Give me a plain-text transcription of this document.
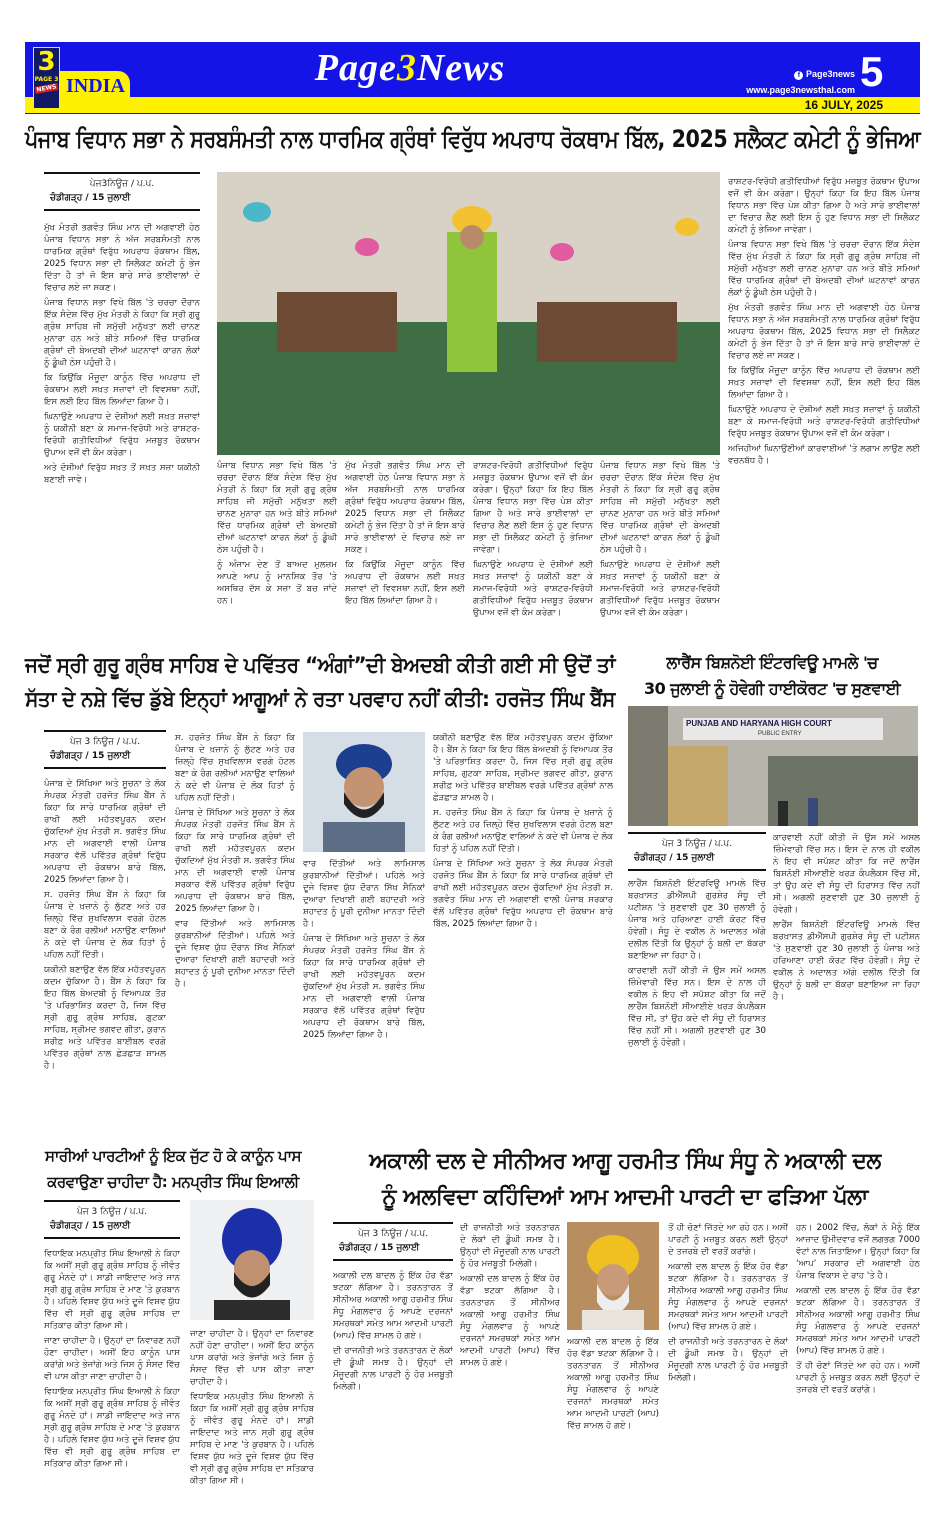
3
PAGE 3
NEWS INDIA	Page3News	f Page3news
www.page3newsthal.com 5
16 JULY, 2025
ਪੰਜਾਬ ਵਿਧਾਨ ਸਭਾ ਨੇ ਸਰਬਸੰਮਤੀ ਨਾਲ ਧਾਰਮਿਕ ਗ੍ਰੰਥਾਂ ਵਿਰੁੱਧ ਅਪਰਾਧ ਰੋਕਥਾਮ ਬਿੱਲ, 2025 ਸਲੈਕਟ ਕਮੇਟੀ ਨੂੰ ਭੇਜਿਆ
ਪੇਜ3ਨਿਊਜ਼ / ਪ.ਪ.
ਚੰਡੀਗੜ੍ਹ / 15 ਜੁਲਾਈ

ਮੁੱਖ ਮੰਤਰੀ ਭਗਵੰਤ ਸਿੰਘ ਮਾਨ ਦੀ ਅਗਵਾਈ ਹੇਠ ਪੰਜਾਬ ਵਿਧਾਨ ਸਭਾ ਨੇ ਅੱਜ ਸਰਬਸੰਮਤੀ ਨਾਲ ਧਾਰਮਿਕ ਗ੍ਰੰਥਾਂ ਵਿਰੁੱਧ ਅਪਰਾਧ ਰੋਕਥਾਮ ਬਿੱਲ, 2025 ਵਿਧਾਨ ਸਭਾ ਦੀ ਸਿਲੈਕਟ ਕਮੇਟੀ ਨੂੰ ਭੇਜ ਦਿੱਤਾ ਹੈ ਤਾਂ ਜੋ ਇਸ ਬਾਰੇ ਸਾਰੇ ਭਾਈਵਾਲਾਂ ਦੇ ਵਿਚਾਰ ਲਏ ਜਾ ਸਕਣ।

ਪੰਜਾਬ ਵਿਧਾਨ ਸਭਾ ਵਿਖੇ ਬਿੱਲ 'ਤੇ ਚਰਚਾ ਦੌਰਾਨ ਇੱਕ ਸੰਦੇਸ਼ ਵਿੱਚ ਮੁੱਖ ਮੰਤਰੀ ਨੇ ਕਿਹਾ ਕਿ ਸ੍ਰੀ ਗੁਰੂ ਗ੍ਰੰਥ ਸਾਹਿਬ ਜੀ ਸਮੁੱਚੀ ਮਨੁੱਖਤਾ ਲਈ ਚਾਨਣ ਮੁਨਾਰਾ ਹਨ ਅਤੇ ਬੀਤੇ ਸਮਿਆਂ ਵਿੱਚ ਧਾਰਮਿਕ ਗ੍ਰੰਥਾਂ ਦੀ ਬੇਅਦਬੀ ਦੀਆਂ ਘਟਨਾਵਾਂ ਕਾਰਨ ਲੋਕਾਂ ਨੂੰ ਡੂੰਘੀ ਠੇਸ ਪਹੁੰਚੀ ਹੈ।

ਕਿ ਕਿਉਂਕਿ ਮੌਜੂਦਾ ਕਾਨੂੰਨ ਵਿੱਚ ਅਪਰਾਧ ਦੀ ਰੋਕਥਾਮ ਲਈ ਸਖ਼ਤ ਸਜ਼ਾਵਾਂ ਦੀ ਵਿਵਸਥਾ ਨਹੀਂ, ਇਸ ਲਈ ਇਹ ਬਿੱਲ ਲਿਆਂਦਾ ਗਿਆ ਹੈ।

ਘਿਨਾਉਣੇ ਅਪਰਾਧ ਦੇ ਦੋਸ਼ੀਆਂ ਲਈ ਸਖ਼ਤ ਸਜ਼ਾਵਾਂ ਨੂੰ ਯਕੀਨੀ ਬਣਾ ਕੇ ਸਮਾਜ-ਵਿਰੋਧੀ ਅਤੇ ਰਾਸ਼ਟਰ-ਵਿਰੋਧੀ ਗਤੀਵਿਧੀਆਂ ਵਿਰੁੱਧ ਮਜ਼ਬੂਤ ਰੋਕਥਾਮ ਉਪਾਅ ਵਜੋਂ ਵੀ ਕੰਮ ਕਰੇਗਾ।

ਅਤੇ ਦੋਸ਼ੀਆਂ ਵਿਰੁੱਧ ਸਖ਼ਤ ਤੋਂ ਸਖ਼ਤ ਸਜ਼ਾ ਯਕੀਨੀ ਬਣਾਈ ਜਾਵੇ।

ਪੰਜਾਬ ਵਿਧਾਨ ਸਭਾ ਵਿਖੇ ਬਿੱਲ 'ਤੇ ਚਰਚਾ ਦੌਰਾਨ ਇੱਕ ਸੰਦੇਸ਼ ਵਿੱਚ ਮੁੱਖ ਮੰਤਰੀ ਨੇ ਕਿਹਾ ਕਿ ਸ੍ਰੀ ਗੁਰੂ ਗ੍ਰੰਥ ਸਾਹਿਬ ਜੀ ਸਮੁੱਚੀ ਮਨੁੱਖਤਾ ਲਈ ਚਾਨਣ ਮੁਨਾਰਾ ਹਨ ਅਤੇ ਬੀਤੇ ਸਮਿਆਂ ਵਿੱਚ ਧਾਰਮਿਕ ਗ੍ਰੰਥਾਂ ਦੀ ਬੇਅਦਬੀ ਦੀਆਂ ਘਟਨਾਵਾਂ ਕਾਰਨ ਲੋਕਾਂ ਨੂੰ ਡੂੰਘੀ ਠੇਸ ਪਹੁੰਚੀ ਹੈ।

ਨੂੰ ਅੰਜਾਮ ਦੇਣ ਤੋਂ ਬਾਅਦ ਮੁਲਜ਼ਮ ਆਪਣੇ ਆਪ ਨੂੰ ਮਾਨਸਿਕ ਤੌਰ 'ਤੇ ਅਸਥਿਰ ਦੱਸ ਕੇ ਸਜ਼ਾ ਤੋਂ ਬਚ ਜਾਂਦੇ ਹਨ।

ਮੁੱਖ ਮੰਤਰੀ ਭਗਵੰਤ ਸਿੰਘ ਮਾਨ ਦੀ ਅਗਵਾਈ ਹੇਠ ਪੰਜਾਬ ਵਿਧਾਨ ਸਭਾ ਨੇ ਅੱਜ ਸਰਬਸੰਮਤੀ ਨਾਲ ਧਾਰਮਿਕ ਗ੍ਰੰਥਾਂ ਵਿਰੁੱਧ ਅਪਰਾਧ ਰੋਕਥਾਮ ਬਿੱਲ, 2025 ਵਿਧਾਨ ਸਭਾ ਦੀ ਸਿਲੈਕਟ ਕਮੇਟੀ ਨੂੰ ਭੇਜ ਦਿੱਤਾ ਹੈ ਤਾਂ ਜੋ ਇਸ ਬਾਰੇ ਸਾਰੇ ਭਾਈਵਾਲਾਂ ਦੇ ਵਿਚਾਰ ਲਏ ਜਾ ਸਕਣ।

ਕਿ ਕਿਉਂਕਿ ਮੌਜੂਦਾ ਕਾਨੂੰਨ ਵਿੱਚ ਅਪਰਾਧ ਦੀ ਰੋਕਥਾਮ ਲਈ ਸਖ਼ਤ ਸਜ਼ਾਵਾਂ ਦੀ ਵਿਵਸਥਾ ਨਹੀਂ, ਇਸ ਲਈ ਇਹ ਬਿੱਲ ਲਿਆਂਦਾ ਗਿਆ ਹੈ।

ਰਾਸ਼ਟਰ-ਵਿਰੋਧੀ ਗਤੀਵਿਧੀਆਂ ਵਿਰੁੱਧ ਮਜ਼ਬੂਤ ਰੋਕਥਾਮ ਉਪਾਅ ਵਜੋਂ ਵੀ ਕੰਮ ਕਰੇਗਾ। ਉਨ੍ਹਾਂ ਕਿਹਾ ਕਿ ਇਹ ਬਿੱਲ ਪੰਜਾਬ ਵਿਧਾਨ ਸਭਾ ਵਿੱਚ ਪੇਸ਼ ਕੀਤਾ ਗਿਆ ਹੈ ਅਤੇ ਸਾਰੇ ਭਾਈਵਾਲਾਂ ਦਾ ਵਿਚਾਰ ਲੈਣ ਲਈ ਇਸ ਨੂੰ ਹੁਣ ਵਿਧਾਨ ਸਭਾ ਦੀ ਸਿਲੈਕਟ ਕਮੇਟੀ ਨੂੰ ਭੇਜਿਆ ਜਾਵੇਗਾ।

ਘਿਨਾਉਣੇ ਅਪਰਾਧ ਦੇ ਦੋਸ਼ੀਆਂ ਲਈ ਸਖ਼ਤ ਸਜ਼ਾਵਾਂ ਨੂੰ ਯਕੀਨੀ ਬਣਾ ਕੇ ਸਮਾਜ-ਵਿਰੋਧੀ ਅਤੇ ਰਾਸ਼ਟਰ-ਵਿਰੋਧੀ ਗਤੀਵਿਧੀਆਂ ਵਿਰੁੱਧ ਮਜ਼ਬੂਤ ਰੋਕਥਾਮ ਉਪਾਅ ਵਜੋਂ ਵੀ ਕੰਮ ਕਰੇਗਾ।

ਪੰਜਾਬ ਵਿਧਾਨ ਸਭਾ ਵਿਖੇ ਬਿੱਲ 'ਤੇ ਚਰਚਾ ਦੌਰਾਨ ਇੱਕ ਸੰਦੇਸ਼ ਵਿੱਚ ਮੁੱਖ ਮੰਤਰੀ ਨੇ ਕਿਹਾ ਕਿ ਸ੍ਰੀ ਗੁਰੂ ਗ੍ਰੰਥ ਸਾਹਿਬ ਜੀ ਸਮੁੱਚੀ ਮਨੁੱਖਤਾ ਲਈ ਚਾਨਣ ਮੁਨਾਰਾ ਹਨ ਅਤੇ ਬੀਤੇ ਸਮਿਆਂ ਵਿੱਚ ਧਾਰਮਿਕ ਗ੍ਰੰਥਾਂ ਦੀ ਬੇਅਦਬੀ ਦੀਆਂ ਘਟਨਾਵਾਂ ਕਾਰਨ ਲੋਕਾਂ ਨੂੰ ਡੂੰਘੀ ਠੇਸ ਪਹੁੰਚੀ ਹੈ।

ਘਿਨਾਉਣੇ ਅਪਰਾਧ ਦੇ ਦੋਸ਼ੀਆਂ ਲਈ ਸਖ਼ਤ ਸਜ਼ਾਵਾਂ ਨੂੰ ਯਕੀਨੀ ਬਣਾ ਕੇ ਸਮਾਜ-ਵਿਰੋਧੀ ਅਤੇ ਰਾਸ਼ਟਰ-ਵਿਰੋਧੀ ਗਤੀਵਿਧੀਆਂ ਵਿਰੁੱਧ ਮਜ਼ਬੂਤ ਰੋਕਥਾਮ ਉਪਾਅ ਵਜੋਂ ਵੀ ਕੰਮ ਕਰੇਗਾ।

ਰਾਸ਼ਟਰ-ਵਿਰੋਧੀ ਗਤੀਵਿਧੀਆਂ ਵਿਰੁੱਧ ਮਜ਼ਬੂਤ ਰੋਕਥਾਮ ਉਪਾਅ ਵਜੋਂ ਵੀ ਕੰਮ ਕਰੇਗਾ। ਉਨ੍ਹਾਂ ਕਿਹਾ ਕਿ ਇਹ ਬਿੱਲ ਪੰਜਾਬ ਵਿਧਾਨ ਸਭਾ ਵਿੱਚ ਪੇਸ਼ ਕੀਤਾ ਗਿਆ ਹੈ ਅਤੇ ਸਾਰੇ ਭਾਈਵਾਲਾਂ ਦਾ ਵਿਚਾਰ ਲੈਣ ਲਈ ਇਸ ਨੂੰ ਹੁਣ ਵਿਧਾਨ ਸਭਾ ਦੀ ਸਿਲੈਕਟ ਕਮੇਟੀ ਨੂੰ ਭੇਜਿਆ ਜਾਵੇਗਾ।

ਪੰਜਾਬ ਵਿਧਾਨ ਸਭਾ ਵਿਖੇ ਬਿੱਲ 'ਤੇ ਚਰਚਾ ਦੌਰਾਨ ਇੱਕ ਸੰਦੇਸ਼ ਵਿੱਚ ਮੁੱਖ ਮੰਤਰੀ ਨੇ ਕਿਹਾ ਕਿ ਸ੍ਰੀ ਗੁਰੂ ਗ੍ਰੰਥ ਸਾਹਿਬ ਜੀ ਸਮੁੱਚੀ ਮਨੁੱਖਤਾ ਲਈ ਚਾਨਣ ਮੁਨਾਰਾ ਹਨ ਅਤੇ ਬੀਤੇ ਸਮਿਆਂ ਵਿੱਚ ਧਾਰਮਿਕ ਗ੍ਰੰਥਾਂ ਦੀ ਬੇਅਦਬੀ ਦੀਆਂ ਘਟਨਾਵਾਂ ਕਾਰਨ ਲੋਕਾਂ ਨੂੰ ਡੂੰਘੀ ਠੇਸ ਪਹੁੰਚੀ ਹੈ।

ਮੁੱਖ ਮੰਤਰੀ ਭਗਵੰਤ ਸਿੰਘ ਮਾਨ ਦੀ ਅਗਵਾਈ ਹੇਠ ਪੰਜਾਬ ਵਿਧਾਨ ਸਭਾ ਨੇ ਅੱਜ ਸਰਬਸੰਮਤੀ ਨਾਲ ਧਾਰਮਿਕ ਗ੍ਰੰਥਾਂ ਵਿਰੁੱਧ ਅਪਰਾਧ ਰੋਕਥਾਮ ਬਿੱਲ, 2025 ਵਿਧਾਨ ਸਭਾ ਦੀ ਸਿਲੈਕਟ ਕਮੇਟੀ ਨੂੰ ਭੇਜ ਦਿੱਤਾ ਹੈ ਤਾਂ ਜੋ ਇਸ ਬਾਰੇ ਸਾਰੇ ਭਾਈਵਾਲਾਂ ਦੇ ਵਿਚਾਰ ਲਏ ਜਾ ਸਕਣ।

ਕਿ ਕਿਉਂਕਿ ਮੌਜੂਦਾ ਕਾਨੂੰਨ ਵਿੱਚ ਅਪਰਾਧ ਦੀ ਰੋਕਥਾਮ ਲਈ ਸਖ਼ਤ ਸਜ਼ਾਵਾਂ ਦੀ ਵਿਵਸਥਾ ਨਹੀਂ, ਇਸ ਲਈ ਇਹ ਬਿੱਲ ਲਿਆਂਦਾ ਗਿਆ ਹੈ।

ਘਿਨਾਉਣੇ ਅਪਰਾਧ ਦੇ ਦੋਸ਼ੀਆਂ ਲਈ ਸਖ਼ਤ ਸਜ਼ਾਵਾਂ ਨੂੰ ਯਕੀਨੀ ਬਣਾ ਕੇ ਸਮਾਜ-ਵਿਰੋਧੀ ਅਤੇ ਰਾਸ਼ਟਰ-ਵਿਰੋਧੀ ਗਤੀਵਿਧੀਆਂ ਵਿਰੁੱਧ ਮਜ਼ਬੂਤ ਰੋਕਥਾਮ ਉਪਾਅ ਵਜੋਂ ਵੀ ਕੰਮ ਕਰੇਗਾ।

ਅਜਿਹੀਆਂ ਘਿਨਾਉਣੀਆਂ ਕਾਰਵਾਈਆਂ 'ਤੇ ਲਗਾਮ ਲਾਉਣ ਲਈ ਵਚਨਬੱਧ ਹੈ।

ਜਦੋਂ ਸ੍ਰੀ ਗੁਰੂ ਗ੍ਰੰਥ ਸਾਹਿਬ ਦੇ ਪਵਿੱਤਰ “ਅੰਗਾਂ”ਦੀ ਬੇਅਦਬੀ ਕੀਤੀ ਗਈ ਸੀ ਉਦੋਂ ਤਾਂ
ਸੱਤਾ ਦੇ ਨਸ਼ੇ ਵਿੱਚ ਡੁੱਬੇ ਇਨ੍ਹਾਂ ਆਗੂਆਂ ਨੇ ਰਤਾ ਪਰਵਾਹ ਨਹੀਂ ਕੀਤੀ: ਹਰਜੋਤ ਸਿੰਘ ਬੈਂਸ
ਪੇਜ 3 ਨਿਊਜ਼ / ਪ.ਪ.
ਚੰਡੀਗੜ੍ਹ / 15 ਜੁਲਾਈ

ਪੰਜਾਬ ਦੇ ਸਿੱਖਿਆ ਅਤੇ ਸੂਚਨਾ ਤੇ ਲੋਕ ਸੰਪਰਕ ਮੰਤਰੀ ਹਰਜੋਤ ਸਿੰਘ ਬੈਂਸ ਨੇ ਕਿਹਾ ਕਿ ਸਾਰੇ ਧਾਰਮਿਕ ਗ੍ਰੰਥਾਂ ਦੀ ਰਾਖੀ ਲਈ ਮਹੱਤਵਪੂਰਨ ਕਦਮ ਚੁੱਕਦਿਆਂ ਮੁੱਖ ਮੰਤਰੀ ਸ. ਭਗਵੰਤ ਸਿੰਘ ਮਾਨ ਦੀ ਅਗਵਾਈ ਵਾਲੀ ਪੰਜਾਬ ਸਰਕਾਰ ਵੱਲੋਂ ਪਵਿੱਤਰ ਗ੍ਰੰਥਾਂ ਵਿਰੁੱਧ ਅਪਰਾਧ ਦੀ ਰੋਕਥਾਮ ਬਾਰੇ ਬਿੱਲ, 2025 ਲਿਆਂਦਾ ਗਿਆ ਹੈ।

ਸ. ਹਰਜੋਤ ਸਿੰਘ ਬੈਂਸ ਨੇ ਕਿਹਾ ਕਿ ਪੰਜਾਬ ਦੇ ਖ਼ਜ਼ਾਨੇ ਨੂੰ ਲੁੱਟਣ ਅਤੇ ਹਰ ਜ਼ਿਲ੍ਹੇ ਵਿੱਚ ਸੁਖਵਿਲਾਸ ਵਰਗੇ ਹੋਟਲ ਬਣਾ ਕੇ ਰੰਗ ਰਲੀਆਂ ਮਨਾਉਣ ਵਾਲਿਆਂ ਨੇ ਕਦੇ ਵੀ ਪੰਜਾਬ ਦੇ ਲੋਕ ਹਿਤਾਂ ਨੂੰ ਪਹਿਲ ਨਹੀਂ ਦਿੱਤੀ।

ਯਕੀਨੀ ਬਣਾਉਣ ਵੱਲ ਇੱਕ ਮਹੱਤਵਪੂਰਨ ਕਦਮ ਚੁੱਕਿਆ ਹੈ। ਬੈਂਸ ਨੇ ਕਿਹਾ ਕਿ ਇਹ ਬਿੱਲ ਬੇਅਦਬੀ ਨੂੰ ਵਿਆਪਕ ਤੌਰ 'ਤੇ ਪਰਿਭਾਸ਼ਿਤ ਕਰਦਾ ਹੈ, ਜਿਸ ਵਿੱਚ ਸ੍ਰੀ ਗੁਰੂ ਗ੍ਰੰਥ ਸਾਹਿਬ, ਗੁਟਕਾ ਸਾਹਿਬ, ਸ੍ਰੀਮਦ ਭਗਵਦ ਗੀਤਾ, ਕੁਰਾਨ ਸ਼ਰੀਫ਼ ਅਤੇ ਪਵਿੱਤਰ ਬਾਈਬਲ ਵਰਗੇ ਪਵਿੱਤਰ ਗ੍ਰੰਥਾਂ ਨਾਲ ਛੇੜਛਾੜ ਸ਼ਾਮਲ ਹੈ।

ਸ. ਹਰਜੋਤ ਸਿੰਘ ਬੈਂਸ ਨੇ ਕਿਹਾ ਕਿ ਪੰਜਾਬ ਦੇ ਖ਼ਜ਼ਾਨੇ ਨੂੰ ਲੁੱਟਣ ਅਤੇ ਹਰ ਜ਼ਿਲ੍ਹੇ ਵਿੱਚ ਸੁਖਵਿਲਾਸ ਵਰਗੇ ਹੋਟਲ ਬਣਾ ਕੇ ਰੰਗ ਰਲੀਆਂ ਮਨਾਉਣ ਵਾਲਿਆਂ ਨੇ ਕਦੇ ਵੀ ਪੰਜਾਬ ਦੇ ਲੋਕ ਹਿਤਾਂ ਨੂੰ ਪਹਿਲ ਨਹੀਂ ਦਿੱਤੀ।

ਪੰਜਾਬ ਦੇ ਸਿੱਖਿਆ ਅਤੇ ਸੂਚਨਾ ਤੇ ਲੋਕ ਸੰਪਰਕ ਮੰਤਰੀ ਹਰਜੋਤ ਸਿੰਘ ਬੈਂਸ ਨੇ ਕਿਹਾ ਕਿ ਸਾਰੇ ਧਾਰਮਿਕ ਗ੍ਰੰਥਾਂ ਦੀ ਰਾਖੀ ਲਈ ਮਹੱਤਵਪੂਰਨ ਕਦਮ ਚੁੱਕਦਿਆਂ ਮੁੱਖ ਮੰਤਰੀ ਸ. ਭਗਵੰਤ ਸਿੰਘ ਮਾਨ ਦੀ ਅਗਵਾਈ ਵਾਲੀ ਪੰਜਾਬ ਸਰਕਾਰ ਵੱਲੋਂ ਪਵਿੱਤਰ ਗ੍ਰੰਥਾਂ ਵਿਰੁੱਧ ਅਪਰਾਧ ਦੀ ਰੋਕਥਾਮ ਬਾਰੇ ਬਿੱਲ, 2025 ਲਿਆਂਦਾ ਗਿਆ ਹੈ।

ਵਾਰ ਦਿੱਤੀਆਂ ਅਤੇ ਲਾਮਿਸਾਲ ਕੁਰਬਾਨੀਆਂ ਦਿੱਤੀਆਂ। ਪਹਿਲੇ ਅਤੇ ਦੂਜੇ ਵਿਸ਼ਵ ਯੁੱਧ ਦੌਰਾਨ ਸਿੱਖ ਸੈਨਿਕਾਂ ਦੁਆਰਾ ਦਿਖਾਈ ਗਈ ਬਹਾਦਰੀ ਅਤੇ ਸ਼ਹਾਦਤ ਨੂੰ ਪੂਰੀ ਦੁਨੀਆ ਮਾਨਤਾ ਦਿੰਦੀ ਹੈ।

ਵਾਰ ਦਿੱਤੀਆਂ ਅਤੇ ਲਾਮਿਸਾਲ ਕੁਰਬਾਨੀਆਂ ਦਿੱਤੀਆਂ। ਪਹਿਲੇ ਅਤੇ ਦੂਜੇ ਵਿਸ਼ਵ ਯੁੱਧ ਦੌਰਾਨ ਸਿੱਖ ਸੈਨਿਕਾਂ ਦੁਆਰਾ ਦਿਖਾਈ ਗਈ ਬਹਾਦਰੀ ਅਤੇ ਸ਼ਹਾਦਤ ਨੂੰ ਪੂਰੀ ਦੁਨੀਆ ਮਾਨਤਾ ਦਿੰਦੀ ਹੈ।

ਪੰਜਾਬ ਦੇ ਸਿੱਖਿਆ ਅਤੇ ਸੂਚਨਾ ਤੇ ਲੋਕ ਸੰਪਰਕ ਮੰਤਰੀ ਹਰਜੋਤ ਸਿੰਘ ਬੈਂਸ ਨੇ ਕਿਹਾ ਕਿ ਸਾਰੇ ਧਾਰਮਿਕ ਗ੍ਰੰਥਾਂ ਦੀ ਰਾਖੀ ਲਈ ਮਹੱਤਵਪੂਰਨ ਕਦਮ ਚੁੱਕਦਿਆਂ ਮੁੱਖ ਮੰਤਰੀ ਸ. ਭਗਵੰਤ ਸਿੰਘ ਮਾਨ ਦੀ ਅਗਵਾਈ ਵਾਲੀ ਪੰਜਾਬ ਸਰਕਾਰ ਵੱਲੋਂ ਪਵਿੱਤਰ ਗ੍ਰੰਥਾਂ ਵਿਰੁੱਧ ਅਪਰਾਧ ਦੀ ਰੋਕਥਾਮ ਬਾਰੇ ਬਿੱਲ, 2025 ਲਿਆਂਦਾ ਗਿਆ ਹੈ।

ਯਕੀਨੀ ਬਣਾਉਣ ਵੱਲ ਇੱਕ ਮਹੱਤਵਪੂਰਨ ਕਦਮ ਚੁੱਕਿਆ ਹੈ। ਬੈਂਸ ਨੇ ਕਿਹਾ ਕਿ ਇਹ ਬਿੱਲ ਬੇਅਦਬੀ ਨੂੰ ਵਿਆਪਕ ਤੌਰ 'ਤੇ ਪਰਿਭਾਸ਼ਿਤ ਕਰਦਾ ਹੈ, ਜਿਸ ਵਿੱਚ ਸ੍ਰੀ ਗੁਰੂ ਗ੍ਰੰਥ ਸਾਹਿਬ, ਗੁਟਕਾ ਸਾਹਿਬ, ਸ੍ਰੀਮਦ ਭਗਵਦ ਗੀਤਾ, ਕੁਰਾਨ ਸ਼ਰੀਫ਼ ਅਤੇ ਪਵਿੱਤਰ ਬਾਈਬਲ ਵਰਗੇ ਪਵਿੱਤਰ ਗ੍ਰੰਥਾਂ ਨਾਲ ਛੇੜਛਾੜ ਸ਼ਾਮਲ ਹੈ।

ਸ. ਹਰਜੋਤ ਸਿੰਘ ਬੈਂਸ ਨੇ ਕਿਹਾ ਕਿ ਪੰਜਾਬ ਦੇ ਖ਼ਜ਼ਾਨੇ ਨੂੰ ਲੁੱਟਣ ਅਤੇ ਹਰ ਜ਼ਿਲ੍ਹੇ ਵਿੱਚ ਸੁਖਵਿਲਾਸ ਵਰਗੇ ਹੋਟਲ ਬਣਾ ਕੇ ਰੰਗ ਰਲੀਆਂ ਮਨਾਉਣ ਵਾਲਿਆਂ ਨੇ ਕਦੇ ਵੀ ਪੰਜਾਬ ਦੇ ਲੋਕ ਹਿਤਾਂ ਨੂੰ ਪਹਿਲ ਨਹੀਂ ਦਿੱਤੀ।

ਪੰਜਾਬ ਦੇ ਸਿੱਖਿਆ ਅਤੇ ਸੂਚਨਾ ਤੇ ਲੋਕ ਸੰਪਰਕ ਮੰਤਰੀ ਹਰਜੋਤ ਸਿੰਘ ਬੈਂਸ ਨੇ ਕਿਹਾ ਕਿ ਸਾਰੇ ਧਾਰਮਿਕ ਗ੍ਰੰਥਾਂ ਦੀ ਰਾਖੀ ਲਈ ਮਹੱਤਵਪੂਰਨ ਕਦਮ ਚੁੱਕਦਿਆਂ ਮੁੱਖ ਮੰਤਰੀ ਸ. ਭਗਵੰਤ ਸਿੰਘ ਮਾਨ ਦੀ ਅਗਵਾਈ ਵਾਲੀ ਪੰਜਾਬ ਸਰਕਾਰ ਵੱਲੋਂ ਪਵਿੱਤਰ ਗ੍ਰੰਥਾਂ ਵਿਰੁੱਧ ਅਪਰਾਧ ਦੀ ਰੋਕਥਾਮ ਬਾਰੇ ਬਿੱਲ, 2025 ਲਿਆਂਦਾ ਗਿਆ ਹੈ।

ਲਾਰੈਂਸ ਬਿਸ਼ਨੋਈ ਇੰਟਰਵਿਊ ਮਾਮਲੇ 'ਚ
30 ਜੁਲਾਈ ਨੂੰ ਹੋਵੇਗੀ ਹਾਈਕੋਰਟ 'ਚ ਸੁਣਵਾਈ
PUNJAB AND HARYANA HIGH COURT
PUBLIC ENTRY
ਪੇਜ 3 ਨਿਊਜ਼ / ਪ.ਪ.
ਚੰਡੀਗੜ੍ਹ / 15 ਜੁਲਾਈ

ਲਾਰੈਂਸ ਬਿਸ਼ਨੋਈ ਇੰਟਰਵਿਊ ਮਾਮਲੇ ਵਿੱਚ ਬਰਖ਼ਾਸਤ ਡੀਐੱਸਪੀ ਗੁਰਸ਼ੇਰ ਸੰਧੂ ਦੀ ਪਟੀਸ਼ਨ 'ਤੇ ਸੁਣਵਾਈ ਹੁਣ 30 ਜੁਲਾਈ ਨੂੰ ਪੰਜਾਬ ਅਤੇ ਹਰਿਆਣਾ ਹਾਈ ਕੋਰਟ ਵਿੱਚ ਹੋਵੇਗੀ। ਸੰਧੂ ਦੇ ਵਕੀਲ ਨੇ ਅਦਾਲਤ ਅੱਗੇ ਦਲੀਲ ਦਿੱਤੀ ਕਿ ਉਨ੍ਹਾਂ ਨੂੰ ਬਲੀ ਦਾ ਬੱਕਰਾ ਬਣਾਇਆ ਜਾ ਰਿਹਾ ਹੈ।

ਕਾਰਵਾਈ ਨਹੀਂ ਕੀਤੀ ਜੋ ਉਸ ਸਮੇਂ ਅਸਲ ਜ਼ਿੰਮੇਵਾਰੀ ਵਿੱਚ ਸਨ। ਇਸ ਦੇ ਨਾਲ ਹੀ ਵਕੀਲ ਨੇ ਇਹ ਵੀ ਸਪੱਸ਼ਟ ਕੀਤਾ ਕਿ ਜਦੋਂ ਲਾਰੈਂਸ ਬਿਸ਼ਨੋਈ ਸੀਆਈਏ ਖਰੜ ਕੰਪਲੈਕਸ ਵਿੱਚ ਸੀ, ਤਾਂ ਉਹ ਕਦੇ ਵੀ ਸੰਧੂ ਦੀ ਹਿਰਾਸਤ ਵਿੱਚ ਨਹੀਂ ਸੀ। ਅਗਲੀ ਸੁਣਵਾਈ ਹੁਣ 30 ਜੁਲਾਈ ਨੂੰ ਹੋਵੇਗੀ।

ਕਾਰਵਾਈ ਨਹੀਂ ਕੀਤੀ ਜੋ ਉਸ ਸਮੇਂ ਅਸਲ ਜ਼ਿੰਮੇਵਾਰੀ ਵਿੱਚ ਸਨ। ਇਸ ਦੇ ਨਾਲ ਹੀ ਵਕੀਲ ਨੇ ਇਹ ਵੀ ਸਪੱਸ਼ਟ ਕੀਤਾ ਕਿ ਜਦੋਂ ਲਾਰੈਂਸ ਬਿਸ਼ਨੋਈ ਸੀਆਈਏ ਖਰੜ ਕੰਪਲੈਕਸ ਵਿੱਚ ਸੀ, ਤਾਂ ਉਹ ਕਦੇ ਵੀ ਸੰਧੂ ਦੀ ਹਿਰਾਸਤ ਵਿੱਚ ਨਹੀਂ ਸੀ। ਅਗਲੀ ਸੁਣਵਾਈ ਹੁਣ 30 ਜੁਲਾਈ ਨੂੰ ਹੋਵੇਗੀ।

ਲਾਰੈਂਸ ਬਿਸ਼ਨੋਈ ਇੰਟਰਵਿਊ ਮਾਮਲੇ ਵਿੱਚ ਬਰਖ਼ਾਸਤ ਡੀਐੱਸਪੀ ਗੁਰਸ਼ੇਰ ਸੰਧੂ ਦੀ ਪਟੀਸ਼ਨ 'ਤੇ ਸੁਣਵਾਈ ਹੁਣ 30 ਜੁਲਾਈ ਨੂੰ ਪੰਜਾਬ ਅਤੇ ਹਰਿਆਣਾ ਹਾਈ ਕੋਰਟ ਵਿੱਚ ਹੋਵੇਗੀ। ਸੰਧੂ ਦੇ ਵਕੀਲ ਨੇ ਅਦਾਲਤ ਅੱਗੇ ਦਲੀਲ ਦਿੱਤੀ ਕਿ ਉਨ੍ਹਾਂ ਨੂੰ ਬਲੀ ਦਾ ਬੱਕਰਾ ਬਣਾਇਆ ਜਾ ਰਿਹਾ ਹੈ।

ਸਾਰੀਆਂ ਪਾਰਟੀਆਂ ਨੂੰ ਇਕ ਜੁੱਟ ਹੋ ਕੇ ਕਾਨੂੰਨ ਪਾਸ
ਕਰਵਾਉਣਾ ਚਾਹੀਦਾ ਹੈ: ਮਨਪ੍ਰੀਤ ਸਿੰਘ ਇਆਲੀ
ਪੇਜ 3 ਨਿਊਜ਼ / ਪ.ਪ.
ਚੰਡੀਗੜ੍ਹ / 15 ਜੁਲਾਈ

ਵਿਧਾਇਕ ਮਨਪ੍ਰੀਤ ਸਿੰਘ ਇਆਲੀ ਨੇ ਕਿਹਾ ਕਿ ਅਸੀਂ ਸ੍ਰੀ ਗੁਰੂ ਗ੍ਰੰਥ ਸਾਹਿਬ ਨੂੰ ਜੀਵੰਤ ਗੁਰੂ ਮੰਨਦੇ ਹਾਂ। ਸਾਡੀ ਜਾਇਦਾਦ ਅਤੇ ਜਾਨ ਸ੍ਰੀ ਗੁਰੂ ਗ੍ਰੰਥ ਸਾਹਿਬ ਦੇ ਮਾਣ 'ਤੇ ਕੁਰਬਾਨ ਹੈ। ਪਹਿਲੇ ਵਿਸ਼ਵ ਯੁੱਧ ਅਤੇ ਦੂਜੇ ਵਿਸ਼ਵ ਯੁੱਧ ਵਿੱਚ ਵੀ ਸ੍ਰੀ ਗੁਰੂ ਗ੍ਰੰਥ ਸਾਹਿਬ ਦਾ ਸਤਿਕਾਰ ਕੀਤਾ ਗਿਆ ਸੀ।

ਜਾਣਾ ਚਾਹੀਦਾ ਹੈ। ਉਨ੍ਹਾਂ ਦਾ ਨਿਵਾਰਣ ਨਹੀਂ ਹੋਣਾ ਚਾਹੀਦਾ। ਅਸੀਂ ਇਹ ਕਾਨੂੰਨ ਪਾਸ ਕਰਾਂਗੇ ਅਤੇ ਭੇਜਾਂਗੇ ਅਤੇ ਜਿਸ ਨੂੰ ਸੰਸਦ ਵਿੱਚ ਵੀ ਪਾਸ ਕੀਤਾ ਜਾਣਾ ਚਾਹੀਦਾ ਹੈ।

ਵਿਧਾਇਕ ਮਨਪ੍ਰੀਤ ਸਿੰਘ ਇਆਲੀ ਨੇ ਕਿਹਾ ਕਿ ਅਸੀਂ ਸ੍ਰੀ ਗੁਰੂ ਗ੍ਰੰਥ ਸਾਹਿਬ ਨੂੰ ਜੀਵੰਤ ਗੁਰੂ ਮੰਨਦੇ ਹਾਂ। ਸਾਡੀ ਜਾਇਦਾਦ ਅਤੇ ਜਾਨ ਸ੍ਰੀ ਗੁਰੂ ਗ੍ਰੰਥ ਸਾਹਿਬ ਦੇ ਮਾਣ 'ਤੇ ਕੁਰਬਾਨ ਹੈ। ਪਹਿਲੇ ਵਿਸ਼ਵ ਯੁੱਧ ਅਤੇ ਦੂਜੇ ਵਿਸ਼ਵ ਯੁੱਧ ਵਿੱਚ ਵੀ ਸ੍ਰੀ ਗੁਰੂ ਗ੍ਰੰਥ ਸਾਹਿਬ ਦਾ ਸਤਿਕਾਰ ਕੀਤਾ ਗਿਆ ਸੀ।

ਜਾਣਾ ਚਾਹੀਦਾ ਹੈ। ਉਨ੍ਹਾਂ ਦਾ ਨਿਵਾਰਣ ਨਹੀਂ ਹੋਣਾ ਚਾਹੀਦਾ। ਅਸੀਂ ਇਹ ਕਾਨੂੰਨ ਪਾਸ ਕਰਾਂਗੇ ਅਤੇ ਭੇਜਾਂਗੇ ਅਤੇ ਜਿਸ ਨੂੰ ਸੰਸਦ ਵਿੱਚ ਵੀ ਪਾਸ ਕੀਤਾ ਜਾਣਾ ਚਾਹੀਦਾ ਹੈ।

ਵਿਧਾਇਕ ਮਨਪ੍ਰੀਤ ਸਿੰਘ ਇਆਲੀ ਨੇ ਕਿਹਾ ਕਿ ਅਸੀਂ ਸ੍ਰੀ ਗੁਰੂ ਗ੍ਰੰਥ ਸਾਹਿਬ ਨੂੰ ਜੀਵੰਤ ਗੁਰੂ ਮੰਨਦੇ ਹਾਂ। ਸਾਡੀ ਜਾਇਦਾਦ ਅਤੇ ਜਾਨ ਸ੍ਰੀ ਗੁਰੂ ਗ੍ਰੰਥ ਸਾਹਿਬ ਦੇ ਮਾਣ 'ਤੇ ਕੁਰਬਾਨ ਹੈ। ਪਹਿਲੇ ਵਿਸ਼ਵ ਯੁੱਧ ਅਤੇ ਦੂਜੇ ਵਿਸ਼ਵ ਯੁੱਧ ਵਿੱਚ ਵੀ ਸ੍ਰੀ ਗੁਰੂ ਗ੍ਰੰਥ ਸਾਹਿਬ ਦਾ ਸਤਿਕਾਰ ਕੀਤਾ ਗਿਆ ਸੀ।

ਅਕਾਲੀ ਦਲ ਦੇ ਸੀਨੀਅਰ ਆਗੂ ਹਰਮੀਤ ਸਿੰਘ ਸੰਧੂ ਨੇ ਅਕਾਲੀ ਦਲ
ਨੂੰ ਅਲਵਿਦਾ ਕਹਿੰਦਿਆਂ ਆਮ ਆਦਮੀ ਪਾਰਟੀ ਦਾ ਫੜਿਆ ਪੱਲਾ
ਪੇਜ 3 ਨਿਊਜ਼ / ਪ.ਪ.
ਚੰਡੀਗੜ੍ਹ / 15 ਜੁਲਾਈ

ਅਕਾਲੀ ਦਲ ਬਾਦਲ ਨੂੰ ਇੱਕ ਹੋਰ ਵੱਡਾ ਝਟਕਾ ਲੱਗਿਆ ਹੈ। ਤਰਨਤਾਰਨ ਤੋਂ ਸੀਨੀਅਰ ਅਕਾਲੀ ਆਗੂ ਹਰਮੀਤ ਸਿੰਘ ਸੰਧੂ ਮੰਗਲਵਾਰ ਨੂੰ ਆਪਣੇ ਦਰਜਨਾਂ ਸਮਰਥਕਾਂ ਸਮੇਤ ਆਮ ਆਦਮੀ ਪਾਰਟੀ (ਆਪ) ਵਿੱਚ ਸ਼ਾਮਲ ਹੋ ਗਏ।

ਦੀ ਰਾਜਨੀਤੀ ਅਤੇ ਤਰਨਤਾਰਨ ਦੇ ਲੋਕਾਂ ਦੀ ਡੂੰਘੀ ਸਮਝ ਹੈ। ਉਨ੍ਹਾਂ ਦੀ ਮੌਜੂਦਗੀ ਨਾਲ ਪਾਰਟੀ ਨੂੰ ਹੋਰ ਮਜ਼ਬੂਤੀ ਮਿਲੇਗੀ।

ਦੀ ਰਾਜਨੀਤੀ ਅਤੇ ਤਰਨਤਾਰਨ ਦੇ ਲੋਕਾਂ ਦੀ ਡੂੰਘੀ ਸਮਝ ਹੈ। ਉਨ੍ਹਾਂ ਦੀ ਮੌਜੂਦਗੀ ਨਾਲ ਪਾਰਟੀ ਨੂੰ ਹੋਰ ਮਜ਼ਬੂਤੀ ਮਿਲੇਗੀ।

ਅਕਾਲੀ ਦਲ ਬਾਦਲ ਨੂੰ ਇੱਕ ਹੋਰ ਵੱਡਾ ਝਟਕਾ ਲੱਗਿਆ ਹੈ। ਤਰਨਤਾਰਨ ਤੋਂ ਸੀਨੀਅਰ ਅਕਾਲੀ ਆਗੂ ਹਰਮੀਤ ਸਿੰਘ ਸੰਧੂ ਮੰਗਲਵਾਰ ਨੂੰ ਆਪਣੇ ਦਰਜਨਾਂ ਸਮਰਥਕਾਂ ਸਮੇਤ ਆਮ ਆਦਮੀ ਪਾਰਟੀ (ਆਪ) ਵਿੱਚ ਸ਼ਾਮਲ ਹੋ ਗਏ।

ਅਕਾਲੀ ਦਲ ਬਾਦਲ ਨੂੰ ਇੱਕ ਹੋਰ ਵੱਡਾ ਝਟਕਾ ਲੱਗਿਆ ਹੈ। ਤਰਨਤਾਰਨ ਤੋਂ ਸੀਨੀਅਰ ਅਕਾਲੀ ਆਗੂ ਹਰਮੀਤ ਸਿੰਘ ਸੰਧੂ ਮੰਗਲਵਾਰ ਨੂੰ ਆਪਣੇ ਦਰਜਨਾਂ ਸਮਰਥਕਾਂ ਸਮੇਤ ਆਮ ਆਦਮੀ ਪਾਰਟੀ (ਆਪ) ਵਿੱਚ ਸ਼ਾਮਲ ਹੋ ਗਏ।

ਤੋਂ ਹੀ ਚੋਣਾਂ ਜਿੱਤਦੇ ਆ ਰਹੇ ਹਨ। ਅਸੀਂ ਪਾਰਟੀ ਨੂੰ ਮਜ਼ਬੂਤ ਕਰਨ ਲਈ ਉਨ੍ਹਾਂ ਦੇ ਤਜਰਬੇ ਦੀ ਵਰਤੋਂ ਕਰਾਂਗੇ।

ਅਕਾਲੀ ਦਲ ਬਾਦਲ ਨੂੰ ਇੱਕ ਹੋਰ ਵੱਡਾ ਝਟਕਾ ਲੱਗਿਆ ਹੈ। ਤਰਨਤਾਰਨ ਤੋਂ ਸੀਨੀਅਰ ਅਕਾਲੀ ਆਗੂ ਹਰਮੀਤ ਸਿੰਘ ਸੰਧੂ ਮੰਗਲਵਾਰ ਨੂੰ ਆਪਣੇ ਦਰਜਨਾਂ ਸਮਰਥਕਾਂ ਸਮੇਤ ਆਮ ਆਦਮੀ ਪਾਰਟੀ (ਆਪ) ਵਿੱਚ ਸ਼ਾਮਲ ਹੋ ਗਏ।

ਦੀ ਰਾਜਨੀਤੀ ਅਤੇ ਤਰਨਤਾਰਨ ਦੇ ਲੋਕਾਂ ਦੀ ਡੂੰਘੀ ਸਮਝ ਹੈ। ਉਨ੍ਹਾਂ ਦੀ ਮੌਜੂਦਗੀ ਨਾਲ ਪਾਰਟੀ ਨੂੰ ਹੋਰ ਮਜ਼ਬੂਤੀ ਮਿਲੇਗੀ।

ਹਨ। 2002 ਵਿੱਚ, ਲੋਕਾਂ ਨੇ ਮੈਨੂੰ ਇੱਕ ਆਜ਼ਾਦ ਉਮੀਦਵਾਰ ਵਜੋਂ ਲਗਭਗ 7000 ਵੋਟਾਂ ਨਾਲ ਜਿਤਾਇਆ। ਉਨ੍ਹਾਂ ਕਿਹਾ ਕਿ ‘ਆਪ’ ਸਰਕਾਰ ਦੀ ਅਗਵਾਈ ਹੇਠ ਪੰਜਾਬ ਵਿਕਾਸ ਦੇ ਰਾਹ 'ਤੇ ਹੈ।

ਅਕਾਲੀ ਦਲ ਬਾਦਲ ਨੂੰ ਇੱਕ ਹੋਰ ਵੱਡਾ ਝਟਕਾ ਲੱਗਿਆ ਹੈ। ਤਰਨਤਾਰਨ ਤੋਂ ਸੀਨੀਅਰ ਅਕਾਲੀ ਆਗੂ ਹਰਮੀਤ ਸਿੰਘ ਸੰਧੂ ਮੰਗਲਵਾਰ ਨੂੰ ਆਪਣੇ ਦਰਜਨਾਂ ਸਮਰਥਕਾਂ ਸਮੇਤ ਆਮ ਆਦਮੀ ਪਾਰਟੀ (ਆਪ) ਵਿੱਚ ਸ਼ਾਮਲ ਹੋ ਗਏ।

ਤੋਂ ਹੀ ਚੋਣਾਂ ਜਿੱਤਦੇ ਆ ਰਹੇ ਹਨ। ਅਸੀਂ ਪਾਰਟੀ ਨੂੰ ਮਜ਼ਬੂਤ ਕਰਨ ਲਈ ਉਨ੍ਹਾਂ ਦੇ ਤਜਰਬੇ ਦੀ ਵਰਤੋਂ ਕਰਾਂਗੇ।
